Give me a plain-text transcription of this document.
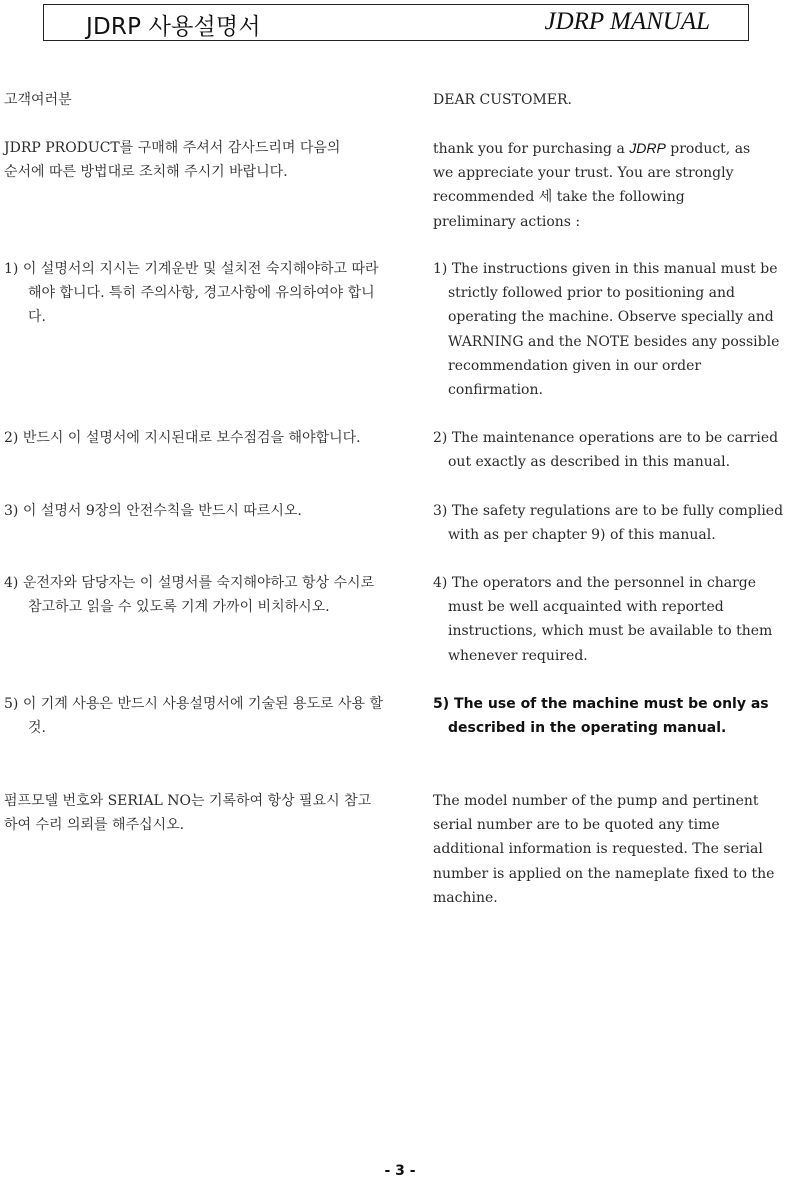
JDRP 사용설명서	JDRP MANUAL
고객여러분	DEAR CUSTOMER.
JDRP PRODUCT를 구매해 주셔서 감사드리며 다음의 순서에 따른 방법대로 조치해 주시기 바랍니다.
thank you for purchasing a JDRP product, as we appreciate your trust. You are strongly recommended 세 take the following preliminary actions :
1) 이 설명서의 지시는 기계운반 및 설치전 숙지해야하고 따라해야 합니다. 특히 주의사항, 경고사항에 유의하여야 합니다.
1) The instructions given in this manual must be strictly followed prior to positioning and operating the machine. Observe specially and WARNING and the NOTE besides any possible recommendation given in our order confirmation.
2) 반드시 이 설명서에 지시된대로 보수점검을 해야합니다.	2) The maintenance operations are to be carried out exactly as described in this manual.
3) 이 설명서 9장의 안전수칙을 반드시 따르시오.	3) The safety regulations are to be fully complied with as per chapter 9) of this manual.
4) 운전자와 담당자는 이 설명서를 숙지해야하고 항상 수시로 참고하고 읽을 수 있도록 기계 가까이 비치하시오.
4) The operators and the personnel in charge must be well acquainted with reported instructions, which must be available to them whenever required.
5) 이 기계 사용은 반드시 사용설명서에 기술된 용도로 사용 할 것.
5) The use of the machine must be only as described in the operating manual.
펌프모델 번호와 SERIAL NO는 기록하여 항상 필요시 참고하여 수리 의뢰를 해주십시오.
The model number of the pump and pertinent serial number are to be quoted any time additional information is requested. The serial number is applied on the nameplate fixed to the machine.
- 3 -
